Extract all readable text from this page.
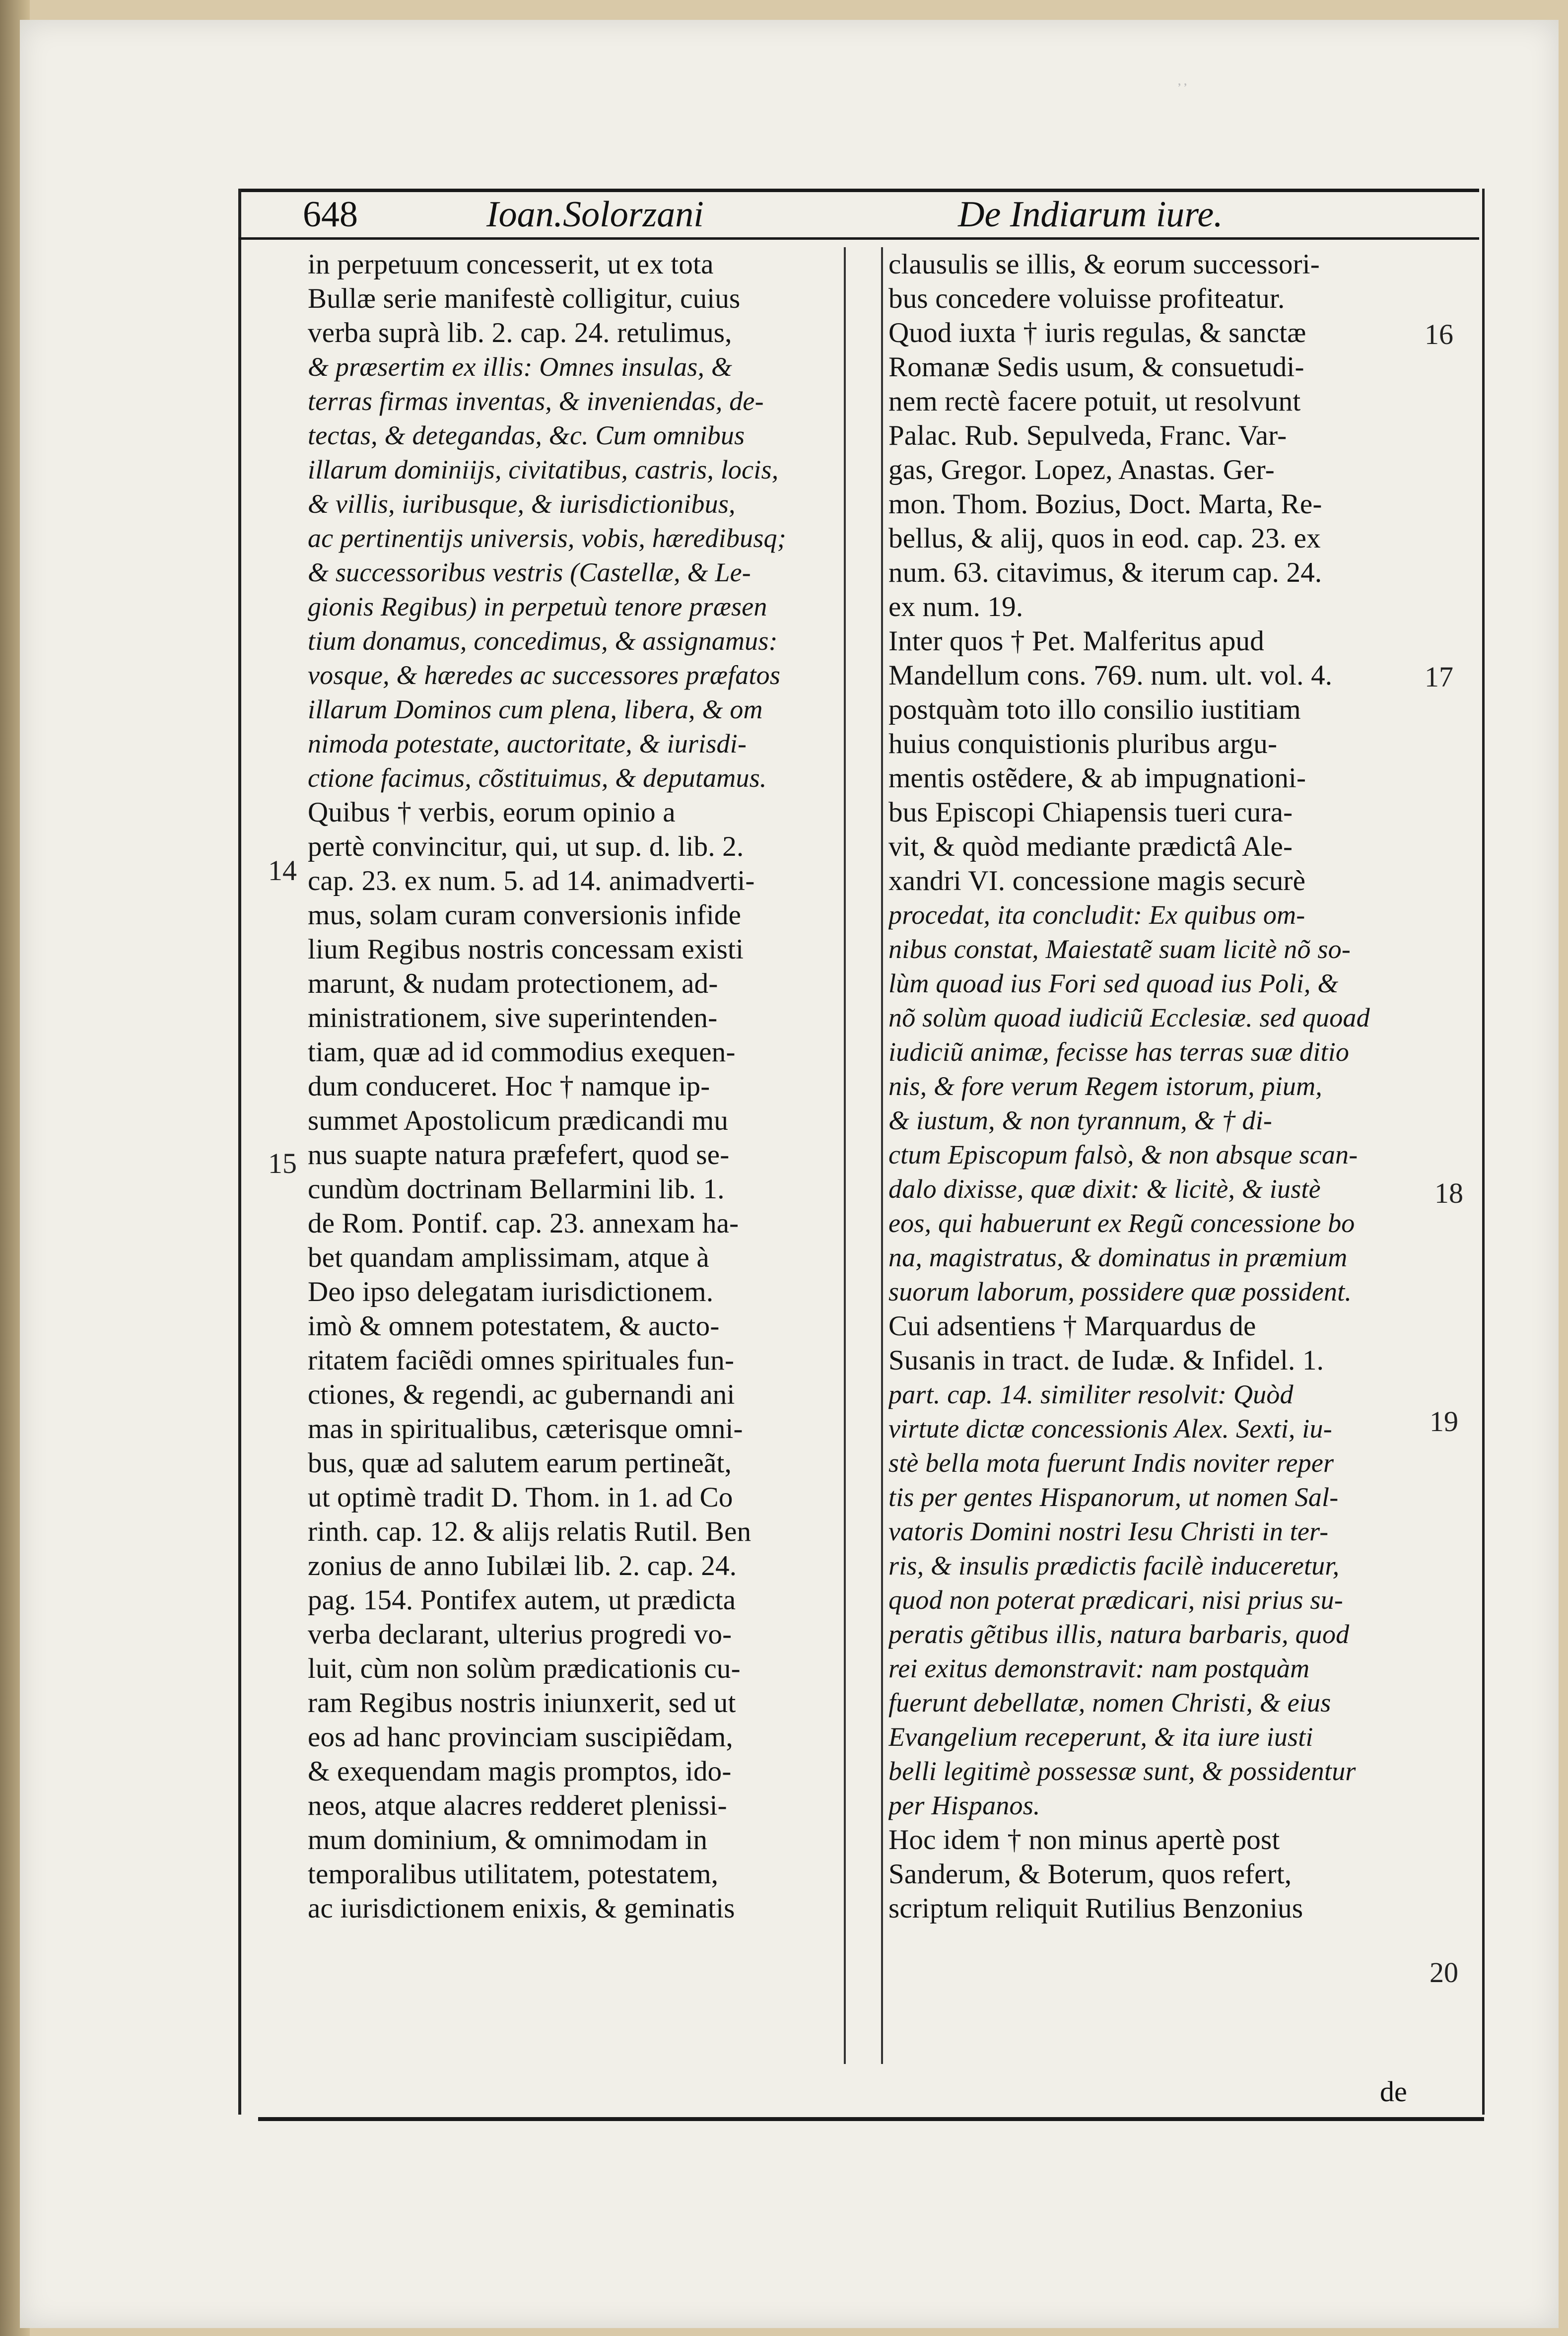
᾽᾽
648	Ioan.Solorzani	De Indiarum iure.
in perpetuum concesserit, ut ex tota
Bullæ serie manifestè colligitur, cuius
verba suprà lib. 2. cap. 24. retulimus,
& præsertim ex illis: Omnes insulas, &
terras firmas inventas, & inveniendas, de-
tectas, & detegandas, &c. Cum omnibus
illarum dominiijs, civitatibus, castris, locis,
& villis, iuribusque, & iurisdictionibus,
ac pertinentijs universis, vobis, hæredibusq;
& successoribus vestris (Castellæ, & Le-
gionis Regibus) in perpetuù tenore præsen
tium donamus, concedimus, & assignamus:
vosque, & hæredes ac successores præfatos
illarum Dominos cum plena, libera, & om
nimoda potestate, auctoritate, & iurisdi-
ctione facimus, cõstituimus, & deputamus.
Quibus † verbis, eorum opinio a
pertè convincitur, qui, ut sup. d. lib. 2.
cap. 23. ex num. 5. ad 14. animadverti-
mus, solam curam conversionis infide
lium Regibus nostris concessam existi
marunt, & nudam protectionem, ad-
ministrationem, sive superintenden-
tiam, quæ ad id commodius exequen-
dum conduceret. Hoc † namque ip-
summet Apostolicum prædicandi mu
nus suapte natura præfefert, quod se-
cundùm doctrinam Bellarmini lib. 1.
de Rom. Pontif. cap. 23. annexam ha-
bet quandam amplissimam, atque à
Deo ipso delegatam iurisdictionem.
imò & omnem potestatem, & aucto-
ritatem faciẽdi omnes spirituales fun-
ctiones, & regendi, ac gubernandi ani
mas in spiritualibus, cæterisque omni-
bus, quæ ad salutem earum pertineãt,
ut optimè tradit D. Thom. in 1. ad Co
rinth. cap. 12. & alijs relatis Rutil. Ben
zonius de anno Iubilæi lib. 2. cap. 24.
pag. 154. Pontifex autem, ut prædicta
verba declarant, ulterius progredi vo-
luit, cùm non solùm prædicationis cu-
ram Regibus nostris iniunxerit, sed ut
eos ad hanc provinciam suscipiẽdam,
& exequendam magis promptos, ido-
neos, atque alacres redderet plenissi-
mum dominium, & omnimodam in
temporalibus utilitatem, potestatem,
ac iurisdictionem enixis, & geminatis
clausulis se illis, & eorum successori-
bus concedere voluisse profiteatur.
Quod iuxta † iuris regulas, & sanctæ
Romanæ Sedis usum, & consuetudi-
nem rectè facere potuit, ut resolvunt
Palac. Rub. Sepulveda, Franc. Var-
gas, Gregor. Lopez, Anastas. Ger-
mon. Thom. Bozius, Doct. Marta, Re-
bellus, & alij, quos in eod. cap. 23. ex
num. 63. citavimus, & iterum cap. 24.
ex num. 19.
Inter quos † Pet. Malferitus apud
Mandellum cons. 769. num. ult. vol. 4.
postquàm toto illo consilio iustitiam
huius conquistionis pluribus argu-
mentis ostẽdere, & ab impugnationi-
bus Episcopi Chiapensis tueri cura-
vit, & quòd mediante prædictâ Ale-
xandri VI. concessione magis securè
procedat, ita concludit: Ex quibus om-
nibus constat, Maiestatẽ suam licitè nõ so-
lùm quoad ius Fori sed quoad ius Poli, &
nõ solùm quoad iudiciũ Ecclesiæ. sed quoad
iudiciũ animæ, fecisse has terras suæ ditio
nis, & fore verum Regem istorum, pium,
& iustum, & non tyrannum, & † di-
ctum Episcopum falsò, & non absque scan-
dalo dixisse, quæ dixit: & licitè, & iustè
eos, qui habuerunt ex Regũ concessione bo
na, magistratus, & dominatus in præmium
suorum laborum, possidere quæ possident.
Cui adsentiens † Marquardus de
Susanis in tract. de Iudæ. & Infidel. 1.
part. cap. 14. similiter resolvit: Quòd
virtute dictæ concessionis Alex. Sexti, iu-
stè bella mota fuerunt Indis noviter reper
tis per gentes Hispanorum, ut nomen Sal-
vatoris Domini nostri Iesu Christi in ter-
ris, & insulis prædictis facilè induceretur,
quod non poterat prædicari, nisi prius su-
peratis gẽtibus illis, natura barbaris, quod
rei exitus demonstravit: nam postquàm
fuerunt debellatæ, nomen Christi, & eius
Evangelium receperunt, & ita iure iusti
belli legitimè possessæ sunt, & possidentur
per Hispanos.
Hoc idem † non minus apertè post
Sanderum, & Boterum, quos refert,
scriptum reliquit Rutilius Benzonius
14
15
16
17
18
19
20
de
